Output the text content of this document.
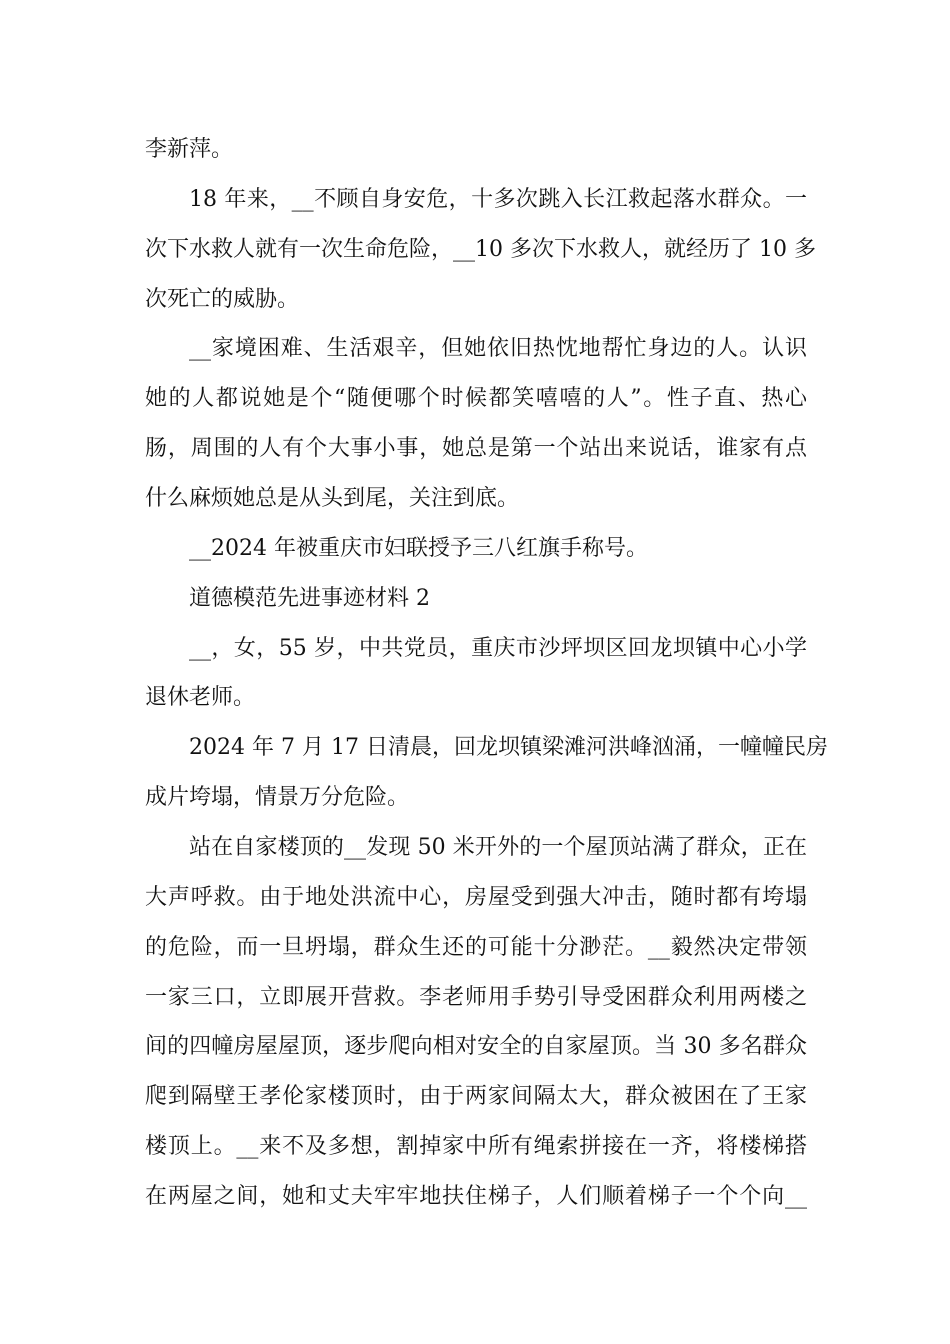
李新萍。
18 年来，__不顾自身安危，十多次跳入长江救起落水群众。一
次下水救人就有一次生命危险，__10 多次下水救人，就经历了 10 多
次死亡的威胁。
__家境困难、生活艰辛，但她依旧热忱地帮忙身边的人。认识
她的人都说她是个“随便哪个时候都笑嘻嘻的人”。性子直、热心
肠，周围的人有个大事小事，她总是第一个站出来说话，谁家有点
什么麻烦她总是从头到尾，关注到底。
__2024 年被重庆市妇联授予三八红旗手称号。
道德模范先进事迹材料 2
__，女，55 岁，中共党员，重庆市沙坪坝区回龙坝镇中心小学
退休老师。
2024 年 7 月 17 日清晨，回龙坝镇梁滩河洪峰汹涌，一幢幢民房
成片垮塌，情景万分危险。
站在自家楼顶的__发现 50 米开外的一个屋顶站满了群众，正在
大声呼救。由于地处洪流中心，房屋受到强大冲击，随时都有垮塌
的危险，而一旦坍塌，群众生还的可能十分渺茫。__毅然决定带领
一家三口，立即展开营救。李老师用手势引导受困群众利用两楼之
间的四幢房屋屋顶，逐步爬向相对安全的自家屋顶。当 30 多名群众
爬到隔壁王孝伦家楼顶时，由于两家间隔太大，群众被困在了王家
楼顶上。__来不及多想，割掉家中所有绳索拼接在一齐，将楼梯搭
在两屋之间，她和丈夫牢牢地扶住梯子，人们顺着梯子一个个向__
